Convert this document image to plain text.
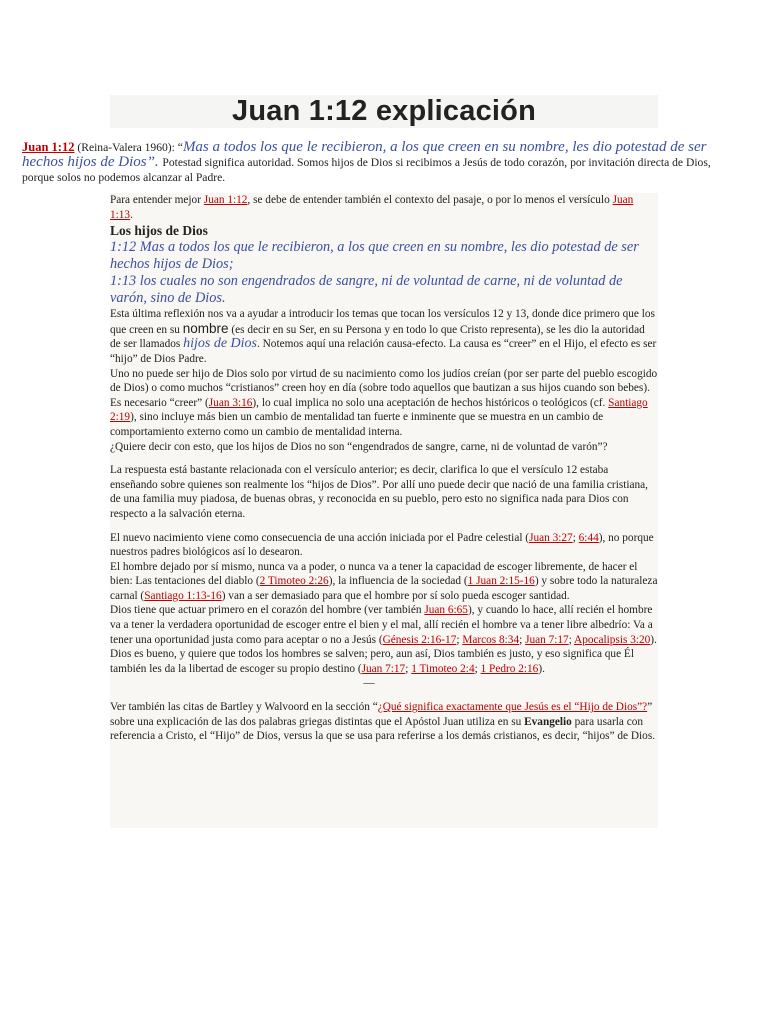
Juan 1:12 explicación
Juan 1:12 (Reina-Valera 1960): “Mas a todos los que le recibieron, a los que creen en su nombre, les dio potestad de ser hechos hijos de Dios”. Potestad significa autoridad. Somos hijos de Dios si recibimos a Jesús de todo corazón, por invitación directa de Dios, porque solos no podemos alcanzar al Padre.

Para entender mejor Juan 1:12, se debe de entender también el contexto del pasaje, o por lo menos el versículo Juan 1:13.

Los hijos de Dios

1:12 Mas a todos los que le recibieron, a los que creen en su nombre, les dio potestad de ser hechos hijos de Dios;

1:13 los cuales no son engendrados de sangre, ni de voluntad de carne, ni de voluntad de varón, sino de Dios.

Esta última reflexión nos va a ayudar a introducir los temas que tocan los versículos 12 y 13, donde dice primero que los que creen en su nombre (es decir en su Ser, en su Persona y en todo lo que Cristo representa), se les dio la autoridad de ser llamados hijos de Dios. Notemos aquí una relación causa-efecto. La causa es “creer” en el Hijo, el efecto es ser “hijo” de Dios Padre.

Uno no puede ser hijo de Dios solo por virtud de su nacimiento como los judíos creían (por ser parte del pueblo escogido de Dios) o como muchos “cristianos” creen hoy en día (sobre todo aquellos que bautizan a sus hijos cuando son bebes). Es necesario “creer” (Juan 3:16), lo cual implica no solo una aceptación de hechos históricos o teológicos (cf. Santiago 2:19), sino incluye más bien un cambio de mentalidad tan fuerte e inminente que se muestra en un cambio de comportamiento externo como un cambio de mentalidad interna.

¿Quiere decir con esto, que los hijos de Dios no son “engendrados de sangre, carne, ni de voluntad de varón”?

La respuesta está bastante relacionada con el versículo anterior; es decir, clarifica lo que el versículo 12 estaba enseñando sobre quienes son realmente los “hijos de Dios”. Por allí uno puede decir que nació de una familia cristiana, de una familia muy piadosa, de buenas obras, y reconocida en su pueblo, pero esto no significa nada para Dios con respecto a la salvación eterna.

El nuevo nacimiento viene como consecuencia de una acción iniciada por el Padre celestial (Juan 3:27; 6:44), no porque nuestros padres biológicos así lo desearon.

El hombre dejado por sí mismo, nunca va a poder, o nunca va a tener la capacidad de escoger libremente, de hacer el bien: Las tentaciones del diablo (2 Timoteo 2:26), la influencia de la sociedad (1 Juan 2:15-16) y sobre todo la naturaleza carnal (Santiago 1:13-16) van a ser demasiado para que el hombre por sí solo pueda escoger santidad.

Dios tiene que actuar primero en el corazón del hombre (ver también Juan 6:65), y cuando lo hace, allí recién el hombre va a tener la verdadera oportunidad de escoger entre el bien y el mal, allí recién el hombre va a tener libre albedrío: Va a tener una oportunidad justa como para aceptar o no a Jesús (Génesis 2:16-17; Marcos 8:34; Juan 7:17; Apocalipsis 3:20). Dios es bueno, y quiere que todos los hombres se salven; pero, aun así, Dios también es justo, y eso significa que Él también les da la libertad de escoger su propio destino (Juan 7:17; 1 Timoteo 2:4; 1 Pedro 2:16).

—

Ver también las citas de Bartley y Walvoord en la sección “¿Qué significa exactamente que Jesús es el “Hijo de Dios”?” sobre una explicación de las dos palabras griegas distintas que el Apóstol Juan utiliza en su Evangelio para usarla con referencia a Cristo, el “Hijo” de Dios, versus la que se usa para referirse a los demás cristianos, es decir, “hijos” de Dios.
